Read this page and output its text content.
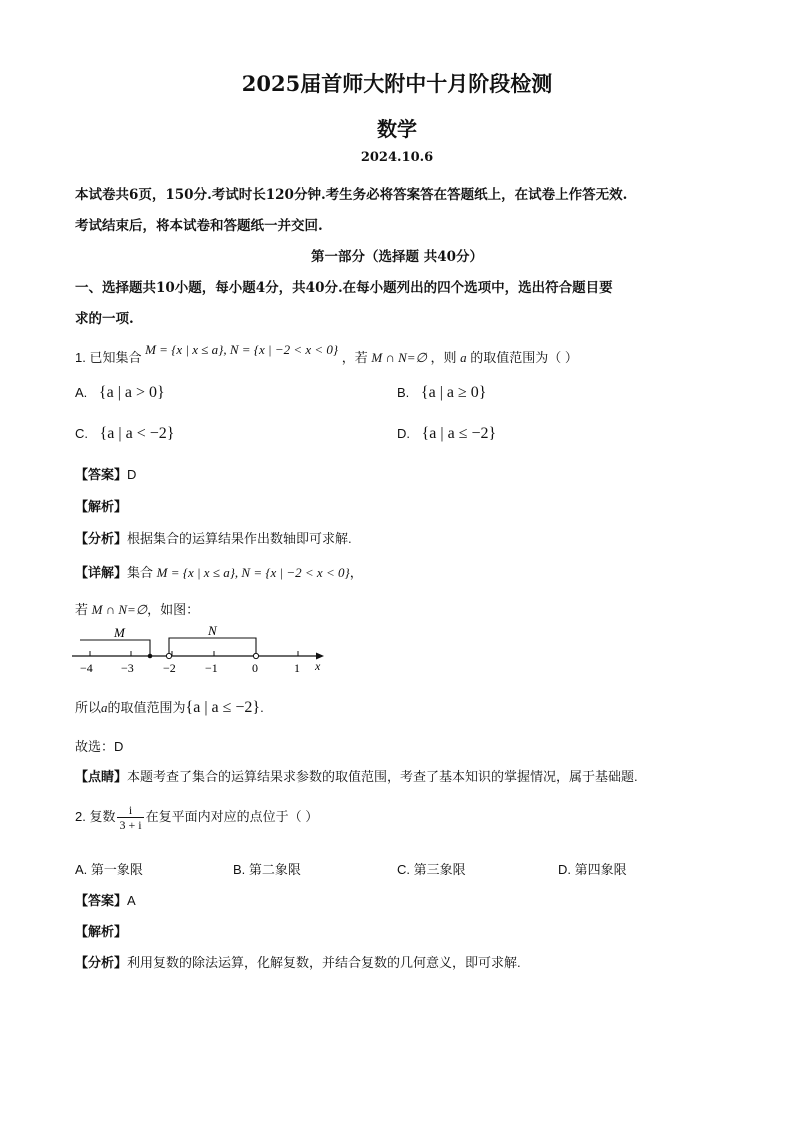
2025届首师大附中十月阶段检测
数学
2024.10.6
本试卷共6页，150分.考试时长120分钟.考生务必将答案答在答题纸上，在试卷上作答无效.
考试结束后，将本试卷和答题纸一并交回.
第一部分（选择题 共40分）
一、选择题共10小题，每小题4分，共40分.在每小题列出的四个选项中，选出符合题目要
求的一项.
1. 已知集合 M = {x | x ≤ a}, N = {x | −2 < x < 0} ，若 M ∩ N=∅ ，则 a 的取值范围为（ ）
A. {a | a > 0}	B. {a | a ≥ 0}
C. {a | a < −2}	D. {a | a ≤ −2}
【答案】D
【解析】
【分析】根据集合的运算结果作出数轴即可求解.
【详解】集合 M = {x | x ≤ a}, N = {x | −2 < x < 0}，
若 M ∩ N=∅，如图：
M	N
x
−4 −3 −2 −1	0	1
所以a的取值范围为{a | a ≤ −2}.
故选：D
【点睛】本题考查了集合的运算结果求参数的取值范围，考查了基本知识的掌握情况，属于基础题.
2. 复数 $\frac{i}{3 + i}$ 在复平面内对应的点位于（ ）
A. 第一象限	B. 第二象限	C. 第三象限	D. 第四象限
【答案】A
【解析】
【分析】利用复数的除法运算，化解复数，并结合复数的几何意义，即可求解.
